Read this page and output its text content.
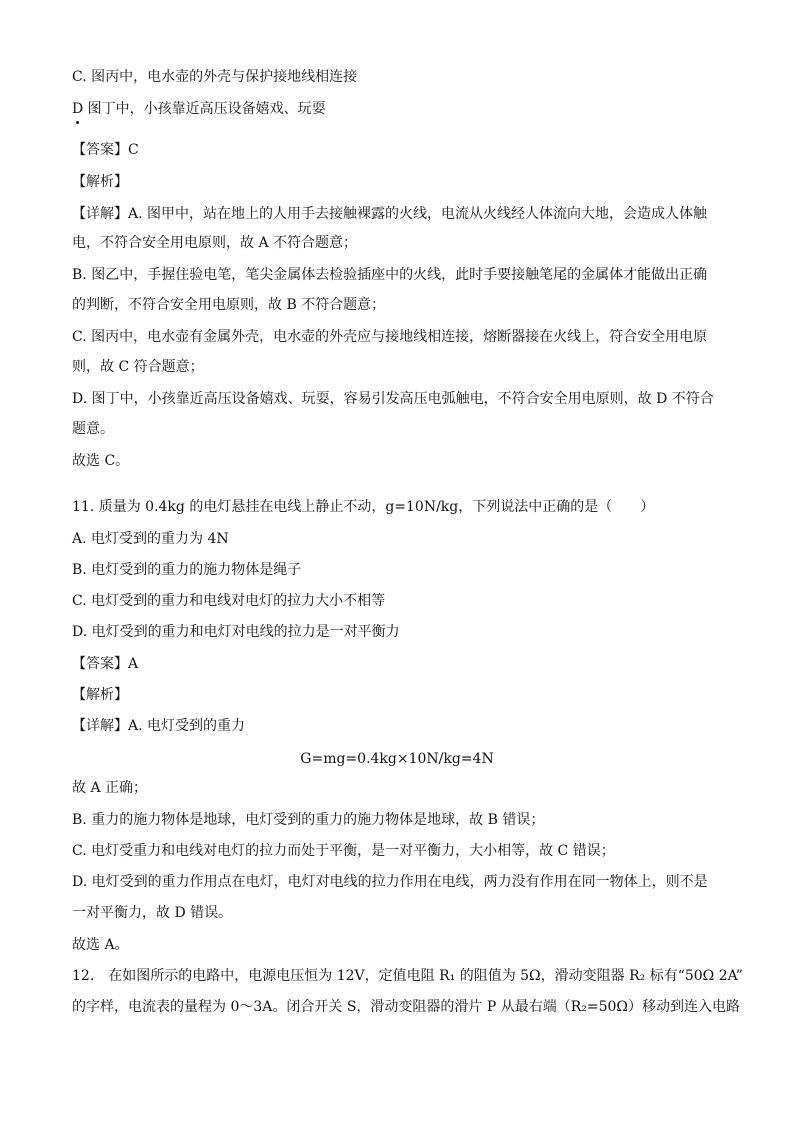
C. 图丙中，电水壶的外壳与保护接地线相连接
D 图丁中，小孩靠近高压设备嬉戏、玩耍
【答案】C
【解析】
【详解】A. 图甲中，站在地上的人用手去接触裸露的火线，电流从火线经人体流向大地，会造成人体触
电，不符合安全用电原则，故 A 不符合题意；
B. 图乙中，手握住验电笔，笔尖金属体去检验插座中的火线，此时手要接触笔尾的金属体才能做出正确
的判断，不符合安全用电原则，故 B 不符合题意；
C. 图丙中，电水壶有金属外壳，电水壶的外壳应与接地线相连接，熔断器接在火线上，符合安全用电原
则，故 C 符合题意；
D. 图丁中，小孩靠近高压设备嬉戏、玩耍，容易引发高压电弧触电，不符合安全用电原则，故 D 不符合
题意。
故选 C。
11. 质量为 0.4kg 的电灯悬挂在电线上静止不动，g=10N/kg，下列说法中正确的是（　　）
A. 电灯受到的重力为 4N
B. 电灯受到的重力的施力物体是绳子
C. 电灯受到的重力和电线对电灯的拉力大小不相等
D. 电灯受到的重力和电灯对电线的拉力是一对平衡力
【答案】A
【解析】
【详解】A. 电灯受到的重力
G=mg=0.4kg×10N/kg=4N
故 A 正确；
B. 重力的施力物体是地球，电灯受到的重力的施力物体是地球，故 B 错误；
C. 电灯受重力和电线对电灯的拉力而处于平衡，是一对平衡力，大小相等，故 C 错误；
D. 电灯受到的重力作用点在电灯，电灯对电线的拉力作用在电线，两力没有作用在同一物体上，则不是
一对平衡力，故 D 错误。
故选 A。
12.　在如图所示的电路中，电源电压恒为 12V，定值电阻 R₁ 的阻值为 5Ω，滑动变阻器 R₂ 标有“50Ω 2A”
的字样，电流表的量程为 0～3A。闭合开关 S，滑动变阻器的滑片 P 从最右端（R₂=50Ω）移动到连入电路
